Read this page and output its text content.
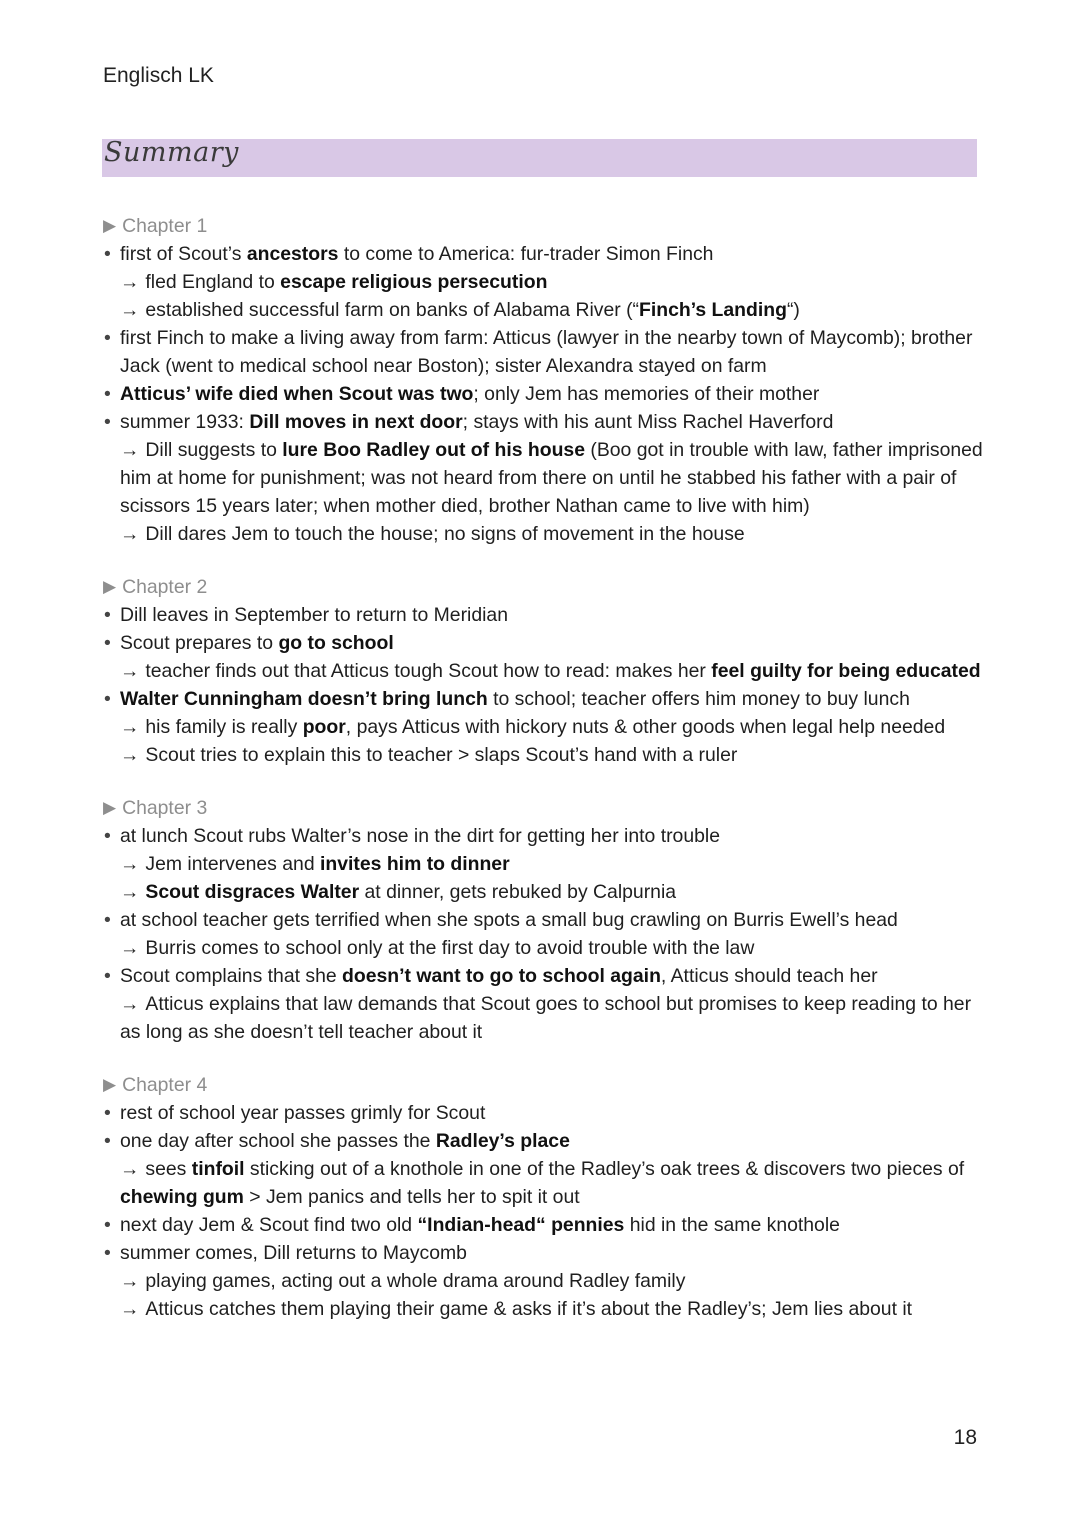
Englisch LK
Summary
▶ Chapter 1
• first of Scout’s ancestors to come to America: fur-trader Simon Finch
→ fled England to escape religious persecution
→ established successful farm on banks of Alabama River (“Finch’s Landing“)
• first Finch to make a living away from farm: Atticus (lawyer in the nearby town of Maycomb); brother Jack (went to medical school near Boston); sister Alexandra stayed on farm
• Atticus’ wife died when Scout was two; only Jem has memories of their mother
• summer 1933: Dill moves in next door; stays with his aunt Miss Rachel Haverford
→ Dill suggests to lure Boo Radley out of his house (Boo got in trouble with law, father imprisoned him at home for punishment; was not heard from there on until he stabbed his father with a pair of scissors 15 years later; when mother died, brother Nathan came to live with him)
→ Dill dares Jem to touch the house; no signs of movement in the house
▶ Chapter 2
• Dill leaves in September to return to Meridian
• Scout prepares to go to school
→ teacher finds out that Atticus tough Scout how to read: makes her feel guilty for being educated
• Walter Cunningham doesn’t bring lunch to school; teacher offers him money to buy lunch
→ his family is really poor, pays Atticus with hickory nuts & other goods when legal help needed
→ Scout tries to explain this to teacher > slaps Scout’s hand with a ruler
▶ Chapter 3
• at lunch Scout rubs Walter’s nose in the dirt for getting her into trouble
→ Jem intervenes and invites him to dinner
→ Scout disgraces Walter at dinner, gets rebuked by Calpurnia
• at school teacher gets terrified when she spots a small bug crawling on Burris Ewell’s head
→ Burris comes to school only at the first day to avoid trouble with the law
• Scout complains that she doesn’t want to go to school again, Atticus should teach her
→ Atticus explains that law demands that Scout goes to school but promises to keep reading to her as long as she doesn’t tell teacher about it
▶ Chapter 4
• rest of school year passes grimly for Scout
• one day after school she passes the Radley’s place
→ sees tinfoil sticking out of a knothole in one of the Radley’s oak trees & discovers two pieces of chewing gum > Jem panics and tells her to spit it out
• next day Jem & Scout find two old “Indian-head“ pennies hid in the same knothole
• summer comes, Dill returns to Maycomb
→ playing games, acting out a whole drama around Radley family
→ Atticus catches them playing their game & asks if it’s about the Radley’s; Jem lies about it
18
